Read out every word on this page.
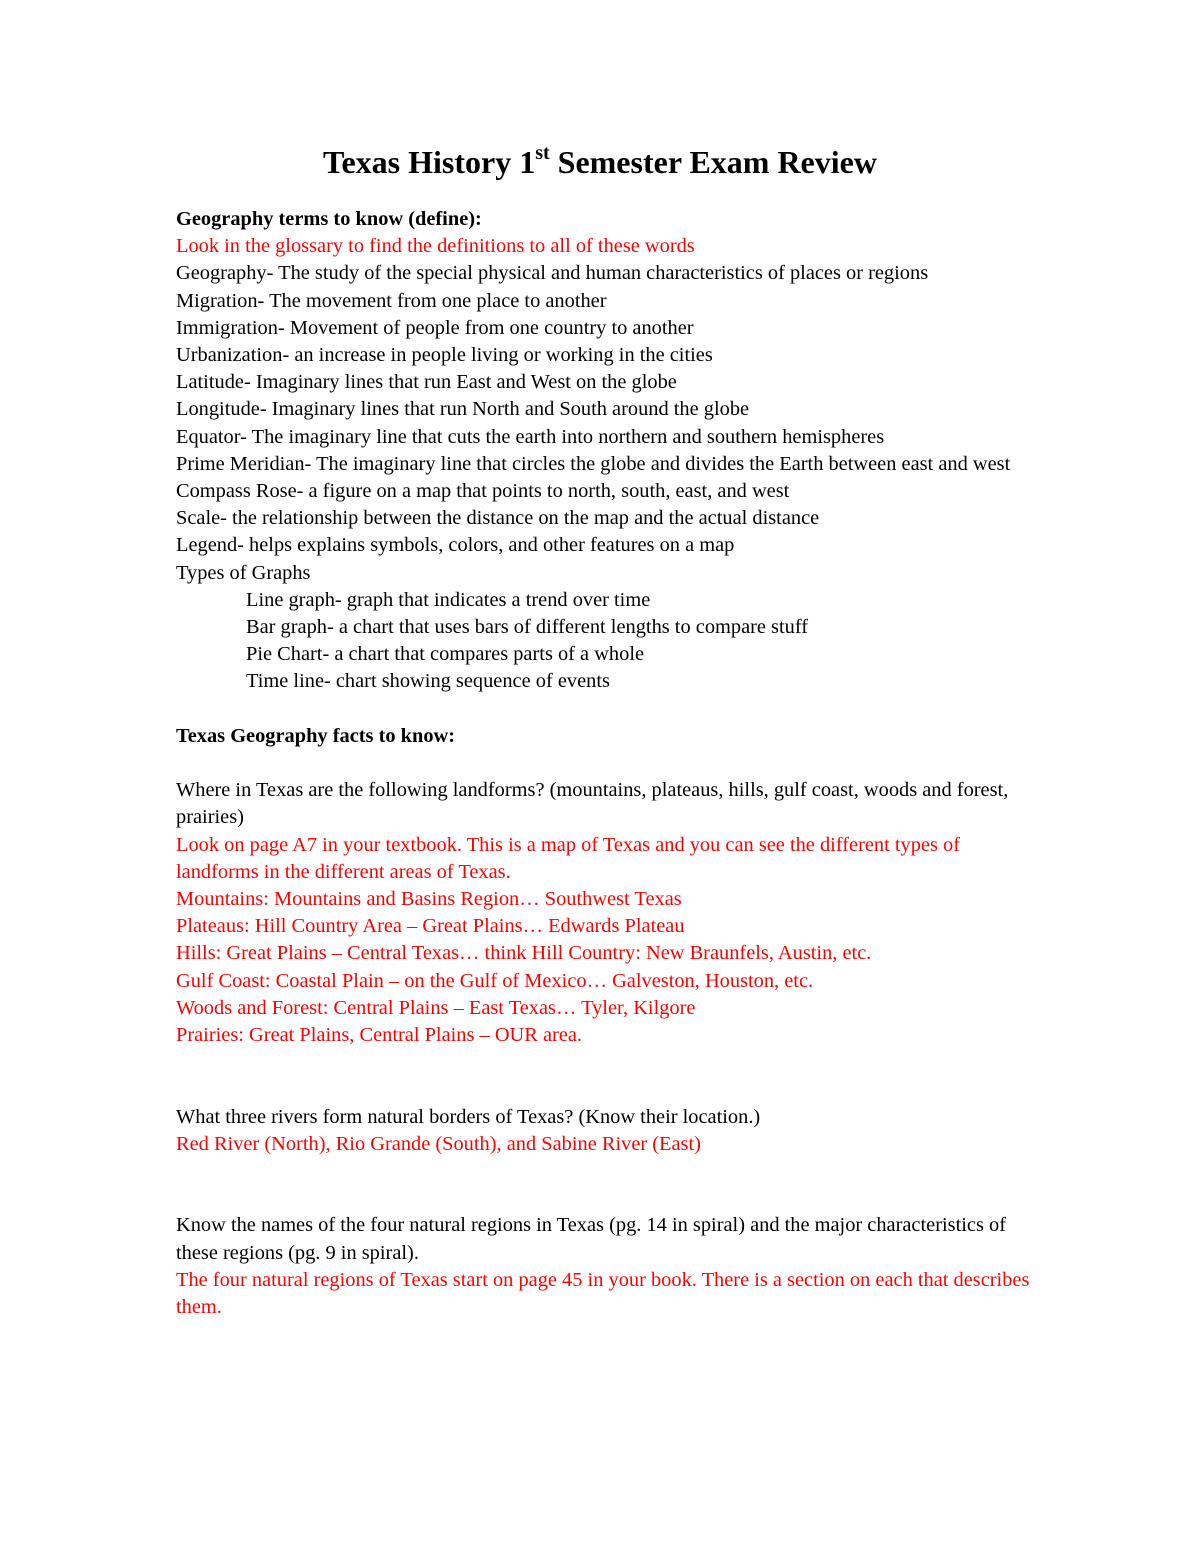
Texas History 1st Semester Exam Review

Geography terms to know (define):

Look in the glossary to find the definitions to all of these words

Geography- The study of the special physical and human characteristics of places or regions

Migration- The movement from one place to another

Immigration- Movement of people from one country to another

Urbanization- an increase in people living or working in the cities

Latitude- Imaginary lines that run East and West on the globe

Longitude- Imaginary lines that run North and South around the globe

Equator- The imaginary line that cuts the earth into northern and southern hemispheres

Prime Meridian- The imaginary line that circles the globe and divides the Earth between east and west

Compass Rose- a figure on a map that points to north, south, east, and west

Scale- the relationship between the distance on the map and the actual distance

Legend- helps explains symbols, colors, and other features on a map

Types of Graphs

Line graph- graph that indicates a trend over time

Bar graph- a chart that uses bars of different lengths to compare stuff

Pie Chart- a chart that compares parts of a whole

Time line- chart showing sequence of events

Texas Geography facts to know:

Where in Texas are the following landforms? (mountains, plateaus, hills, gulf coast, woods and forest, prairies)

Look on page A7 in your textbook. This is a map of Texas and you can see the different types of landforms in the different areas of Texas.

Mountains: Mountains and Basins Region… Southwest Texas

Plateaus: Hill Country Area – Great Plains… Edwards Plateau

Hills: Great Plains – Central Texas… think Hill Country: New Braunfels, Austin, etc.

Gulf Coast: Coastal Plain – on the Gulf of Mexico… Galveston, Houston, etc.

Woods and Forest: Central Plains – East Texas… Tyler, Kilgore

Prairies: Great Plains, Central Plains – OUR area.

What three rivers form natural borders of Texas? (Know their location.)

Red River (North), Rio Grande (South), and Sabine River (East)

Know the names of the four natural regions in Texas (pg. 14 in spiral) and the major characteristics of these regions (pg. 9 in spiral).

The four natural regions of Texas start on page 45 in your book. There is a section on each that describes them.
